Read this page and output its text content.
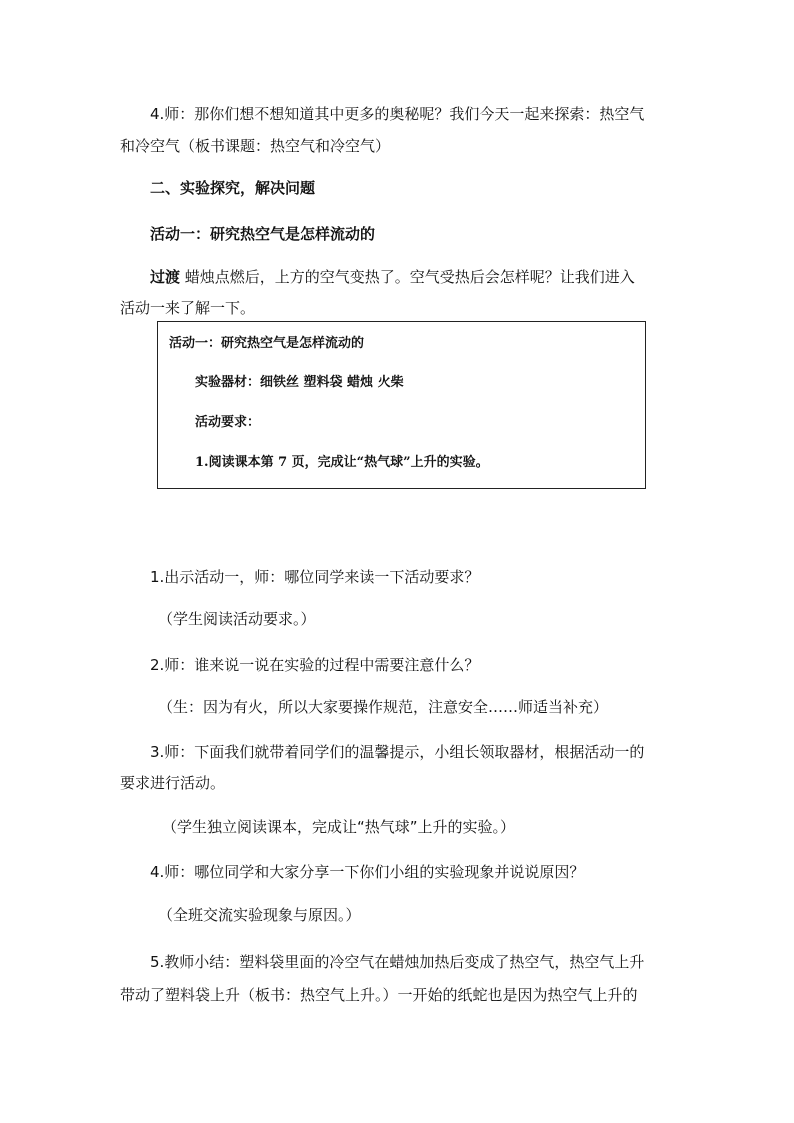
4.师：那你们想不想知道其中更多的奥秘呢？我们今天一起来探索：热空气
和冷空气（板书课题：热空气和冷空气）
二、实验探究，解决问题
活动一：研究热空气是怎样流动的
过渡 蜡烛点燃后，上方的空气变热了。空气受热后会怎样呢？让我们进入
活动一来了解一下。
活动一：研究热空气是怎样流动的
实验器材：细铁丝 塑料袋 蜡烛 火柴
活动要求：
1.阅读课本第 7 页，完成让“热气球”上升的实验。
1.出示活动一，师：哪位同学来读一下活动要求？
（学生阅读活动要求。）
2.师：谁来说一说在实验的过程中需要注意什么？
（生：因为有火，所以大家要操作规范，注意安全……师适当补充）
3.师：下面我们就带着同学们的温馨提示，小组长领取器材，根据活动一的
要求进行活动。
（学生独立阅读课本，完成让“热气球”上升的实验。）
4.师：哪位同学和大家分享一下你们小组的实验现象并说说原因？
（全班交流实验现象与原因。）
5.教师小结：塑料袋里面的冷空气在蜡烛加热后变成了热空气，热空气上升
带动了塑料袋上升（板书：热空气上升。）一开始的纸蛇也是因为热空气上升的
